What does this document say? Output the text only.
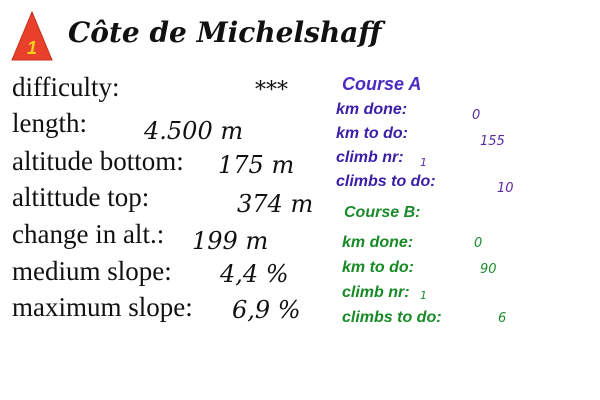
1 Côte de Michelshaff
difficulty:	***
length: 4.500 m
altitude bottom: 175 m
altittude top:	374 m
change in alt.: 199 m
medium slope: 4,4 %
maximum slope: 6,9 %
Course A
km done:	0
km to do:	155
climb nr: 1
climbs to do:	10
Course B:
km done:	0
km to do:	90
climb nr: 1
climbs to do:	6
